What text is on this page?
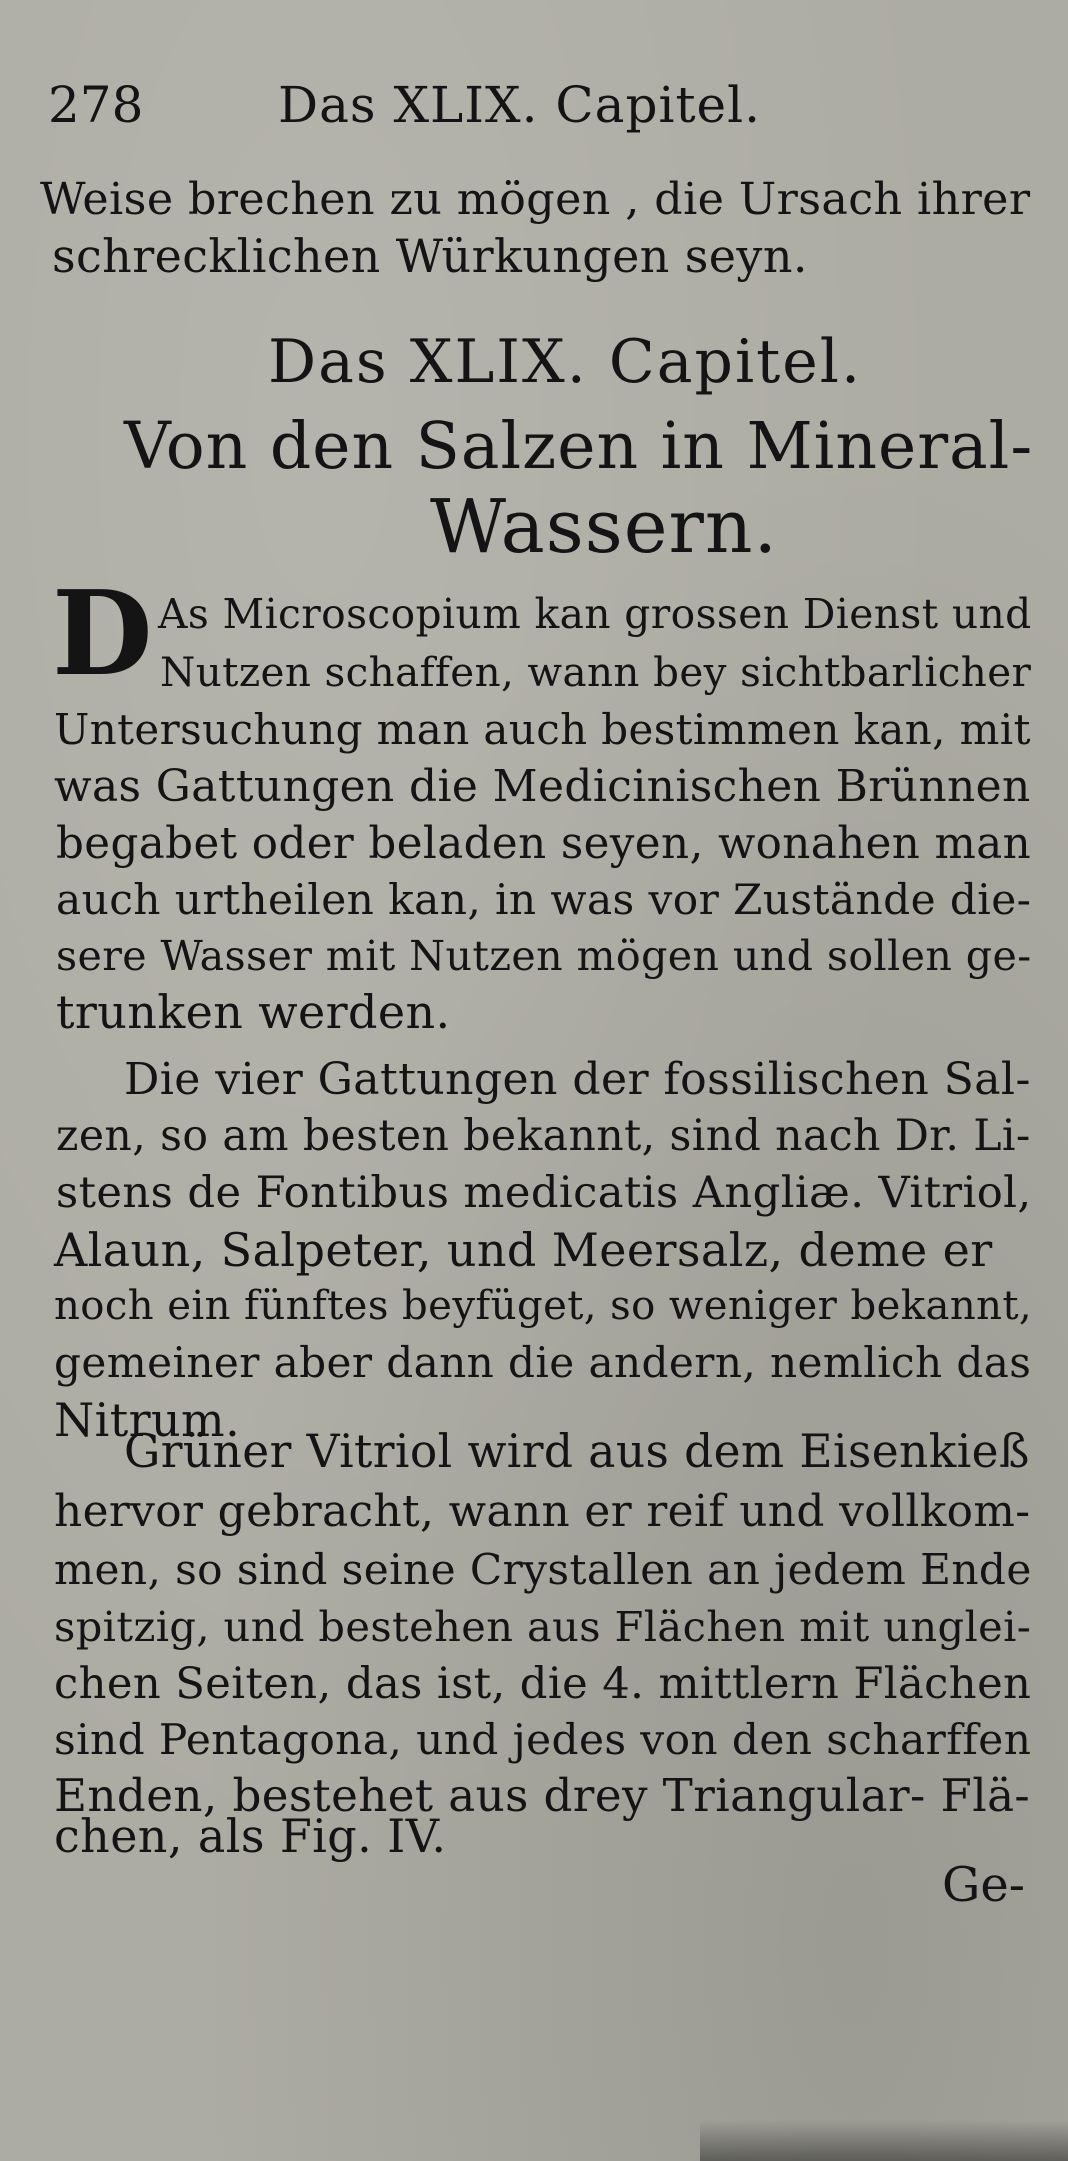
278	Das XLIX. Capitel.
Weise brechen zu mögen , die Ursach ihrer
schrecklichen Würkungen seyn.
Das XLIX. Capitel.
Von den Salzen in Mineral-
Wassern.
D As Microscopium kan grossen Dienst und
Nutzen schaffen, wann bey sichtbarlicher
Untersuchung man auch bestimmen kan, mit
was Gattungen die Medicinischen Brünnen
begabet oder beladen seyen, wonahen man
auch urtheilen kan, in was vor Zustände die-
sere Wasser mit Nutzen mögen und sollen ge-
trunken werden.
Die vier Gattungen der fossilischen Sal-
zen, so am besten bekannt, sind nach Dr. Li-
stens de Fontibus medicatis Angliæ. Vitriol,
Alaun, Salpeter, und Meersalz, deme er
noch ein fünftes beyfüget, so weniger bekannt,
gemeiner aber dann die andern, nemlich das
Nitrum.
Grüner Vitriol wird aus dem Eisenkieß
hervor gebracht, wann er reif und vollkom-
men, so sind seine Crystallen an jedem Ende
spitzig, und bestehen aus Flächen mit unglei-
chen Seiten, das ist, die 4. mittlern Flächen
sind Pentagona, und jedes von den scharffen
Enden, bestehet aus drey Triangular- Flä-
chen, als Fig. IV.
Ge-
